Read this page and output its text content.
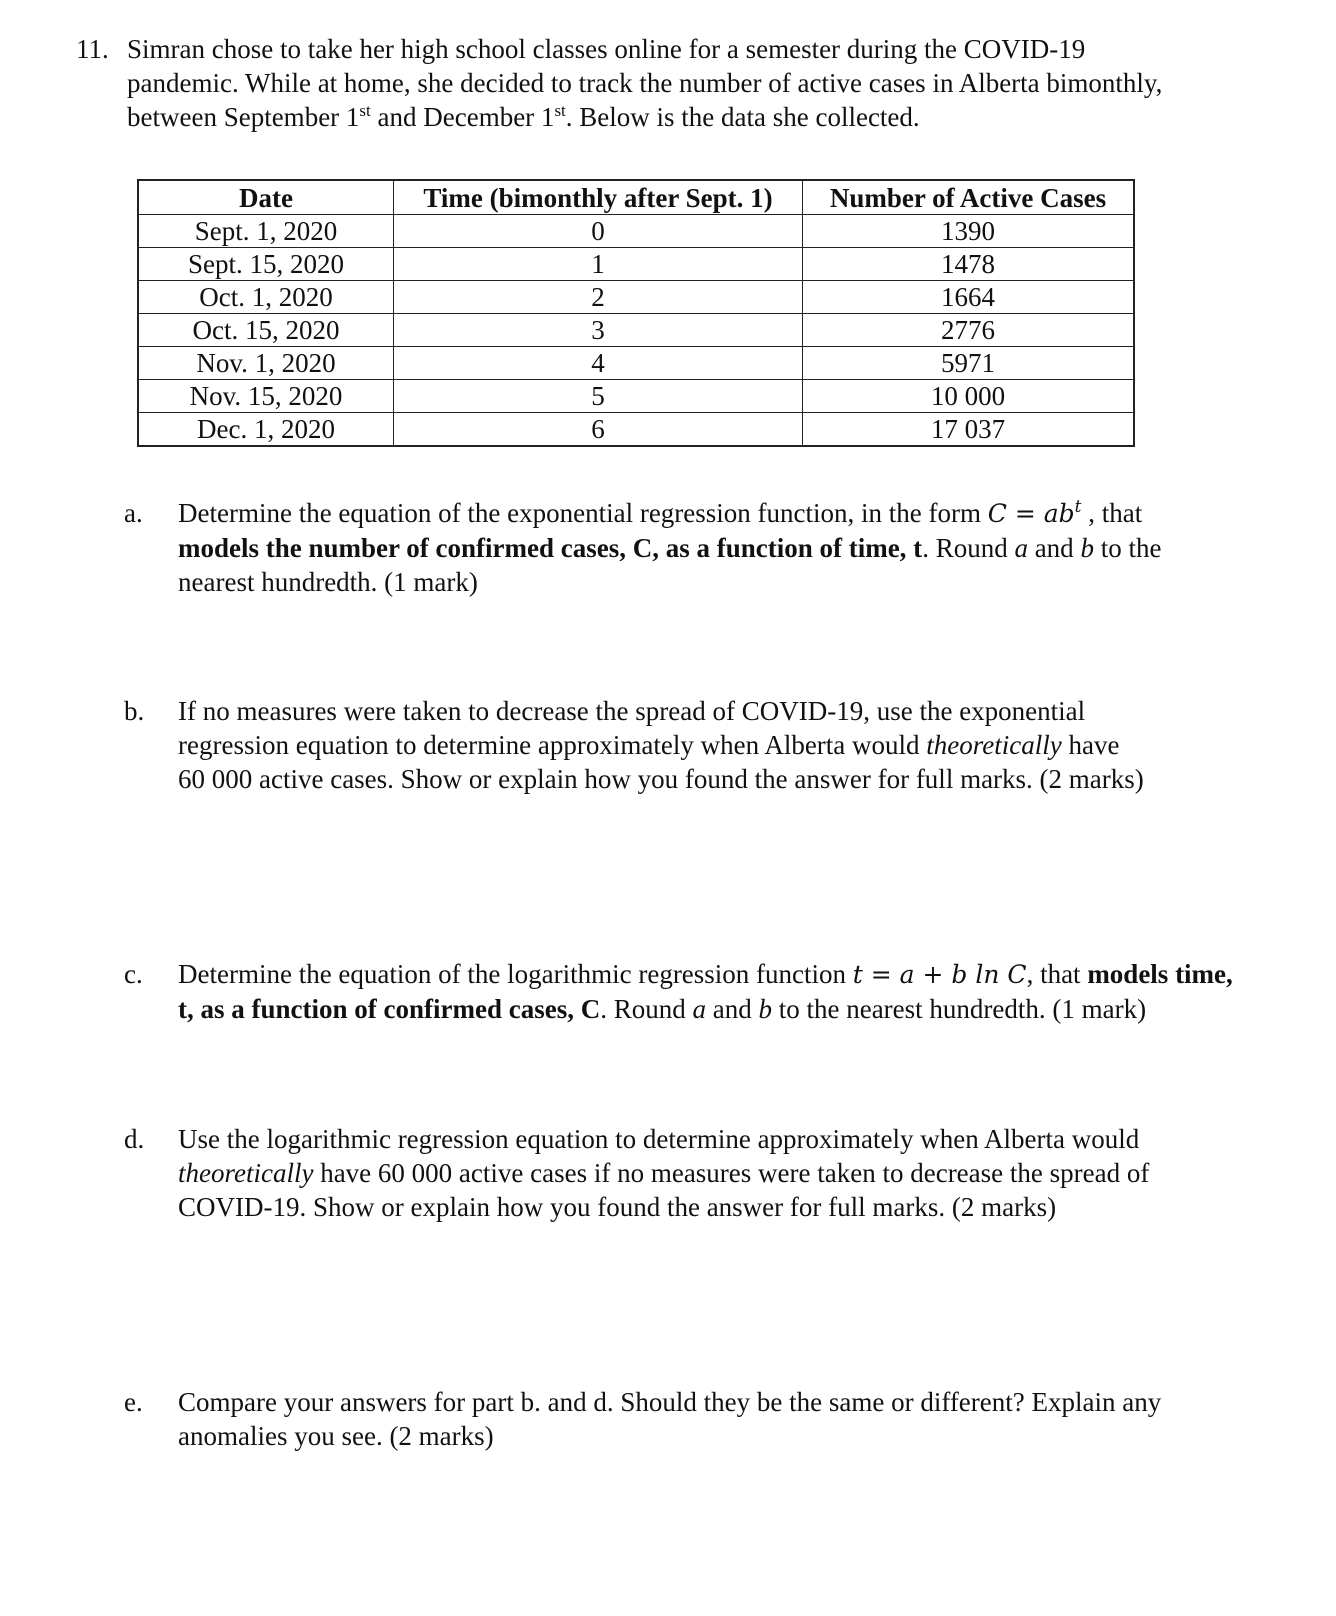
11. Simran chose to take her high school classes online for a semester during the COVID-19
pandemic. While at home, she decided to track the number of active cases in Alberta bimonthly,
between September 1st and December 1st. Below is the data she collected.
Date	Time (bimonthly after Sept. 1)	Number of Active Cases
Sept. 1, 2020	0	1390
Sept. 15, 2020	1	1478
Oct. 1, 2020	2	1664
Oct. 15, 2020	3	2776
Nov. 1, 2020	4	5971
Nov. 15, 2020	5	10 000
Dec. 1, 2020	6	17 037
a. Determine the equation of the exponential regression function, in the form $C = ab^t$ , that
models the number of confirmed cases, C, as a function of time, t. Round a and b to the
nearest hundredth. (1 mark)
b. If no measures were taken to decrease the spread of COVID-19, use the exponential
regression equation to determine approximately when Alberta would theoretically have
60 000 active cases. Show or explain how you found the answer for full marks. (2 marks)
c. Determine the equation of the logarithmic regression function t = a + b ln C, that models time,
t, as a function of confirmed cases, C. Round a and b to the nearest hundredth. (1 mark)
d. Use the logarithmic regression equation to determine approximately when Alberta would
theoretically have 60 000 active cases if no measures were taken to decrease the spread of
COVID-19. Show or explain how you found the answer for full marks. (2 marks)
e. Compare your answers for part b. and d. Should they be the same or different? Explain any
anomalies you see. (2 marks)
